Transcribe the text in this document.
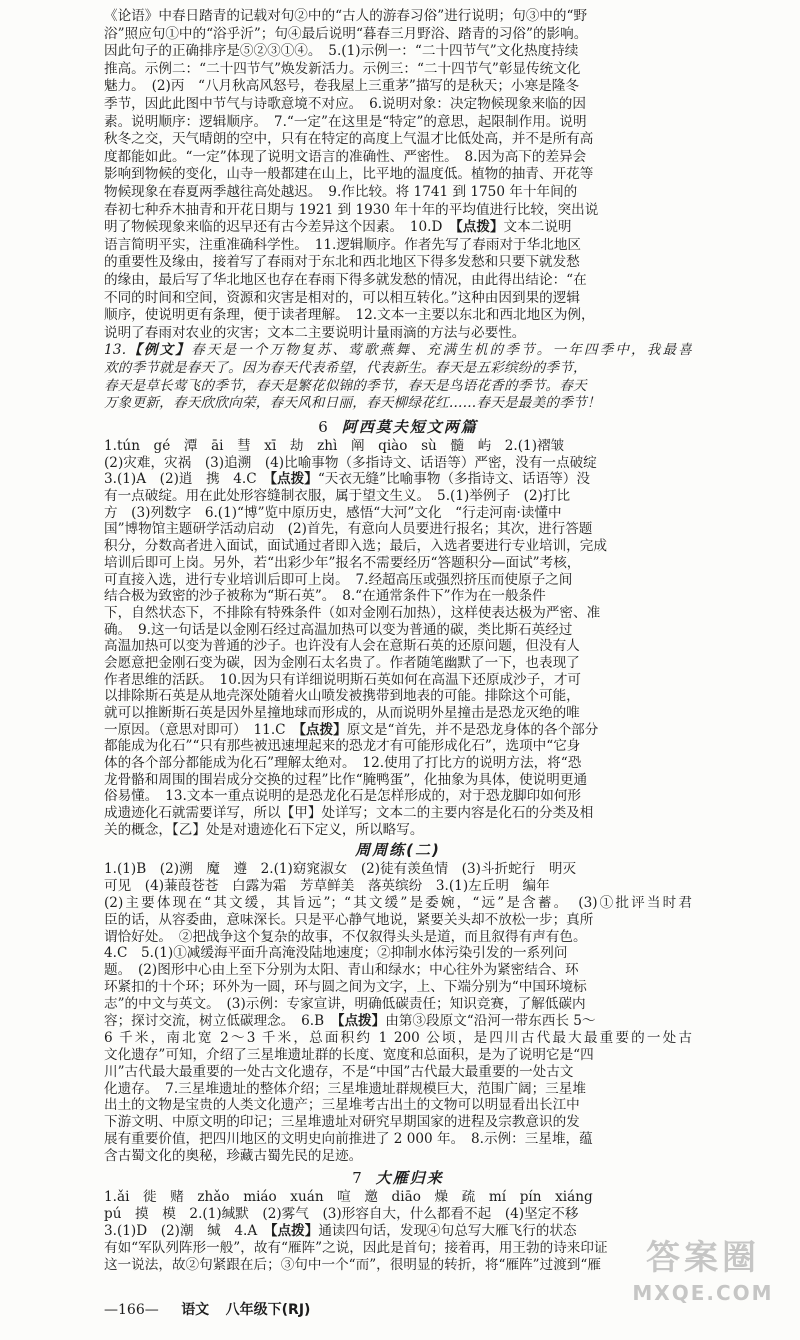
《论语》中春日踏青的记载对句②中的“古人的游春习俗”进行说明；句③中的“野
浴”照应句①中的“浴乎沂”；句④最后说明“暮春三月野浴、踏青的习俗”的影响。
因此句子的正确排序是⑤②③①④。　5.(1)示例一：“二十四节气”文化热度持续
推高。示例二：“二十四节气”焕发新活力。示例三：“二十四节气”彰显传统文化
魅力。　(2)丙　“八月秋高风怒号，卷我屋上三重茅”描写的是秋天；小寒是隆冬
季节，因此此图中节气与诗歌意境不对应。　6.说明对象：决定物候现象来临的因
素。说明顺序：逻辑顺序。　7.“一定”在这里是“特定”的意思，起限制作用。说明
秋冬之交，天气晴朗的空中，只有在特定的高度上气温才比低处高，并不是所有高
度都能如此。“一定”体现了说明文语言的准确性、严密性。　8.因为高下的差异会
影响到物候的变化，山寺一般都建在山上，比平地的温度低。植物的抽青、开花等
物候现象在春夏两季越往高处越迟。　9.作比较。将 1741 到 1750 年十年间的
春初七种乔木抽青和开花日期与 1921 到 1930 年十年的平均值进行比较，突出说
明了物候现象来临的迟早还有古今差异这个因素。　10.D　【点拨】文本二说明
语言简明平实，注重准确科学性。　11.逻辑顺序。作者先写了春雨对于华北地区
的重要性及缘由，接着写了春雨对于东北和西北地区下得多发愁和只要下就发愁
的缘由，最后写了华北地区也存在春雨下得多就发愁的情况，由此得出结论：“在
不同的时间和空间，资源和灾害是相对的，可以相互转化。”这种由因到果的逻辑
顺序，使说明更有条理，便于读者理解。　12.文本一主要以东北和西北地区为例，
说明了春雨对农业的灾害；文本二主要说明计量雨滴的方法与必要性。
13.【例文】春天是一个万物复苏、莺歌燕舞、充满生机的季节。一年四季中，我最喜
欢的季节就是春天了。因为春天代表希望，代表新生。春天是五彩缤纷的季节，
春天是草长莺飞的季节，春天是繁花似锦的季节，春天是鸟语花香的季节。春天
万象更新，春天欣欣向荣，春天风和日丽，春天柳绿花红……春天是最美的季节！
6 阿西莫夫短文两篇
1.tún　gé　潭　āi　彗　xī　劫　zhì　阐　qiào　sù　髓　屿　2.(1)褶皱
(2)灾难，灾祸　(3)追溯　(4)比喻事物（多指诗文、话语等）严密，没有一点破绽
3.(1)A　(2)逍　携　4.C　【点拨】“天衣无缝”比喻事物（多指诗文、话语等）没
有一点破绽。用在此处形容缝制衣服，属于望文生义。　5.(1)举例子　(2)打比
方　(3)列数字　6.(1)“博”览中原历史，感悟“大河”文化　“行走河南·读懂中
国”博物馆主题研学活动启动　(2)首先，有意向人员要进行报名；其次，进行答题
积分，分数高者进入面试，面试通过者即入选；最后，入选者要进行专业培训，完成
培训后即可上岗。另外，若“出彩少年”报名不需要经历“答题积分—面试”考核，
可直接入选，进行专业培训后即可上岗。　7.经超高压或强烈挤压而使原子之间
结合极为致密的沙子被称为“斯石英”。　8.“在通常条件下”作为在一般条件
下，自然状态下，不排除有特殊条件（如对金刚石加热），这样使表达极为严密、准
确。　9.这一句话是以金刚石经过高温加热可以变为普通的碳，类比斯石英经过
高温加热可以变为普通的沙子。也许没有人会在意斯石英的还原问题，但没有人
会愿意把金刚石变为碳，因为金刚石太名贵了。作者随笔幽默了一下，也表现了
作者思维的活跃。　10.因为只有详细说明斯石英如何在高温下还原成沙子，才可
以排除斯石英是从地壳深处随着火山喷发被携带到地表的可能。排除这个可能，
就可以推断斯石英是因外星撞地球而形成的，从而说明外星撞击是恐龙灭绝的唯
一原因。（意思对即可）　11.C　【点拨】原文是“首先，并不是恐龙身体的各个部分
都能成为化石”“只有那些被迅速埋起来的恐龙才有可能形成化石”，选项中“它身
体的各个部分都能成为化石”理解太绝对。　12.使用了打比方的说明方法，将“恐
龙骨骼和周围的围岩成分交换的过程”比作“腌鸭蛋”，化抽象为具体，使说明更通
俗易懂。　13.文本一重点说明的是恐龙化石是怎样形成的，对于恐龙脚印如何形
成遗迹化石就需要详写，所以【甲】处详写；文本二的主要内容是化石的分类及相
关的概念，【乙】处是对遗迹化石下定义，所以略写。
周周练(二)
1.(1)B　(2)溯　魔　遵　2.(1)窈窕淑女　(2)徒有羡鱼情　(3)斗折蛇行　明灭
可见　(4)蒹葭苍苍　白露为霜　芳草鲜美　落英缤纷　3.(1)左丘明　编年
(2)主要体现在“其文缓，其旨远”；“其文缓”是委婉，“远”是含蓄。　(3)①批评当时君
臣的话，从容委曲，意味深长。只是平心静气地说，紧要关头却不放松一步；真所
谓恰好处。　②把战争这个复杂的故事，不仅叙得头头是道，而且叙得有声有色。
4.C　5.(1)①减缓海平面升高淹没陆地速度；②抑制水体污染引发的一系列问
题。　(2)图形中心由上至下分别为太阳、青山和绿水；中心往外为紧密结合、环
环紧扣的十个环；环外为一圆，环与圆之间为文字，上、下端分别为“中国环境标
志”的中文与英文。　(3)示例：专家宣讲，明确低碳责任；知识竞赛，了解低碳内
容；探讨交流，树立低碳理念。　6.B　【点拨】由第③段原文“沿河一带东西长 5～
6 千米，南北宽 2～3 千米，总面积约 1 200 公顷，是四川古代最大最重要的一处古
文化遗存”可知，介绍了三星堆遗址群的长度、宽度和总面积，是为了说明它是“四
川”古代最大最重要的一处古文化遗存，不是“中国”古代最大最重要的一处古文
化遗存。　7.三星堆遗址的整体介绍；三星堆遗址群规模巨大，范围广阔；三星堆
出土的文物是宝贵的人类文化遗产；三星堆考古出土的文物可以明显看出长江中
下游文明、中原文明的印记；三星堆遗址对研究早期国家的进程及宗教意识的发
展有重要价值，把四川地区的文明史向前推进了 2 000 年。　8.示例：三星堆，蕴
含古蜀文化的奥秘，珍藏古蜀先民的足迹。
7 大雁归来
1.ǎi　徙　赌　zhǎo　miáo　xuán　喧　邀　diāo　燥　疏　mí　pín　xiáng
pú　摸　模　2.(1)缄默　(2)雾气　(3)形容自大，什么都看不起　(4)坚定不移
3.(1)D　(2)潮　缄　4.A　【点拨】通读四句话，发现④句总写大雁飞行的状态
有如“军队列阵形一般”，故有“雁阵”之说，因此是首句；接着再，用王勃的诗来印证
这一说法，故②句紧跟在后；③句中一个“而”，很明显的转折，将“雁阵”过渡到“雁
—166— 语文 八年级下(RJ)
答案圈
MXQE.COM
